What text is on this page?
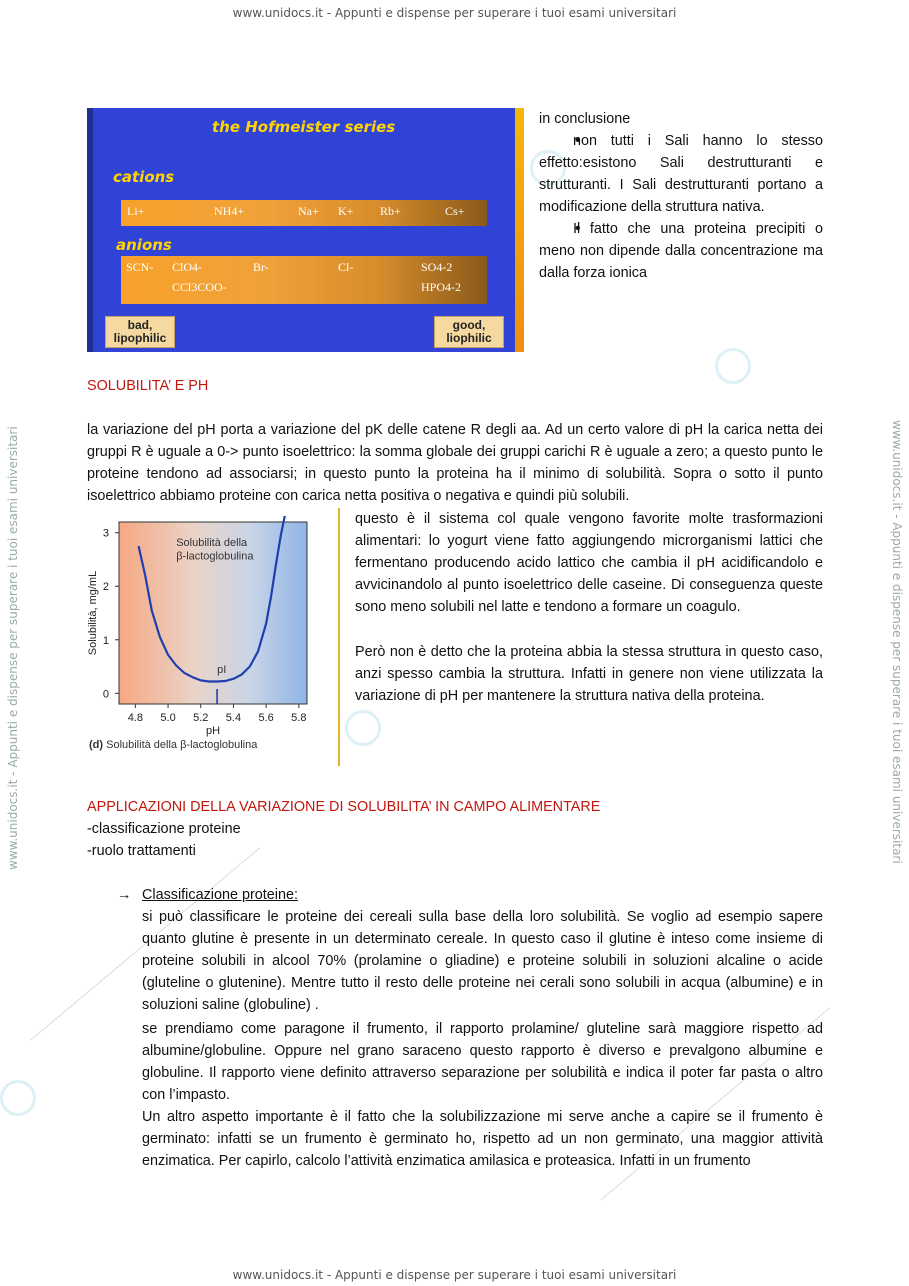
www.unidocs.it - Appunti e dispense per superare i tuoi esami universitari
www.unidocs.it - Appunti e dispense per superare i tuoi esami universitari
www.unidocs.it - Appunti e dispense per superare i tuoi esami universitari	www.unidocs.it - Appunti e dispense per superare i tuoi esami universitari
the Hofmeister series
cations
Li+	NH4+	Na+ K+ Rb+	Cs+
anions
SCN- ClO4-	Br-	Cl-	SO4-2
CCl3COO-	HPO4-2
bad, lipophilic
good, liophilic
in conclusione
• non tutti i Sali hanno lo stesso effetto:esistono Sali destrutturanti e strutturanti. I Sali destrutturanti portano a modificazione della struttura nativa.
• Il fatto che una proteina precipiti o meno non dipende dalla concentrazione ma dalla forza ionica
SOLUBILITA’ E PH
la variazione del pH porta a variazione del pK delle catene R degli aa. Ad un certo valore di pH la carica netta dei gruppi R è uguale a 0-> punto isoelettrico: la somma globale dei gruppi carichi R è uguale a zero; a questo punto le proteine tendono ad associarsi; in questo punto la proteina ha il minimo di solubilità. Sopra o sotto il punto isoelettrico abbiamo proteine con carica netta positiva o negativa e quindi più solubili.
4.8 5.0 5.2 5.4 5.6 5.8
0
1
2
3
pH
Solubilità, mg/mL
Solubilità della
β-lactoglobulina
pI
(d) Solubilità della β-lactoglobulina
questo è il sistema col quale vengono favorite molte trasformazioni alimentari: lo yogurt viene fatto aggiungendo microrganismi lattici che fermentano producendo acido lattico che cambia il pH acidificandolo e avvicinandolo al punto isoelettrico delle caseine. Di conseguenza queste sono meno solubili nel latte e tendono a formare un coagulo.
Però non è detto che la proteina abbia la stessa struttura in questo caso, anzi spesso cambia la struttura. Infatti in genere non viene utilizzata la variazione di pH per mantenere la struttura nativa della proteina.
APPLICAZIONI DELLA VARIAZIONE DI SOLUBILITA’ IN CAMPO ALIMENTARE
-classificazione proteine
-ruolo trattamenti
→ Classificazione proteine:
si può classificare le proteine dei cereali sulla base della loro solubilità. Se voglio ad esempio sapere quanto glutine è presente in un determinato cereale. In questo caso il glutine è inteso come insieme di proteine solubili in alcool 70% (prolamine o gliadine) e proteine solubili in soluzioni alcaline o acide (gluteline o glutenine). Mentre tutto il resto delle proteine nei cerali sono solubili in acqua (albumine) e in soluzioni saline (globuline) .
se prendiamo come paragone il frumento, il rapporto prolamine/ gluteline sarà maggiore rispetto ad albumine/globuline. Oppure nel grano saraceno questo rapporto è diverso e prevalgono albumine e globuline. Il rapporto viene definito attraverso separazione per solubilità e indica il poter far pasta o altro con l’impasto.
Un altro aspetto importante è il fatto che la solubilizzazione mi serve anche a capire se il frumento è germinato: infatti se un frumento è germinato ho, rispetto ad un non germinato, una maggior attività enzimatica. Per capirlo, calcolo l’attività enzimatica amilasica e proteasica. Infatti in un frumento
